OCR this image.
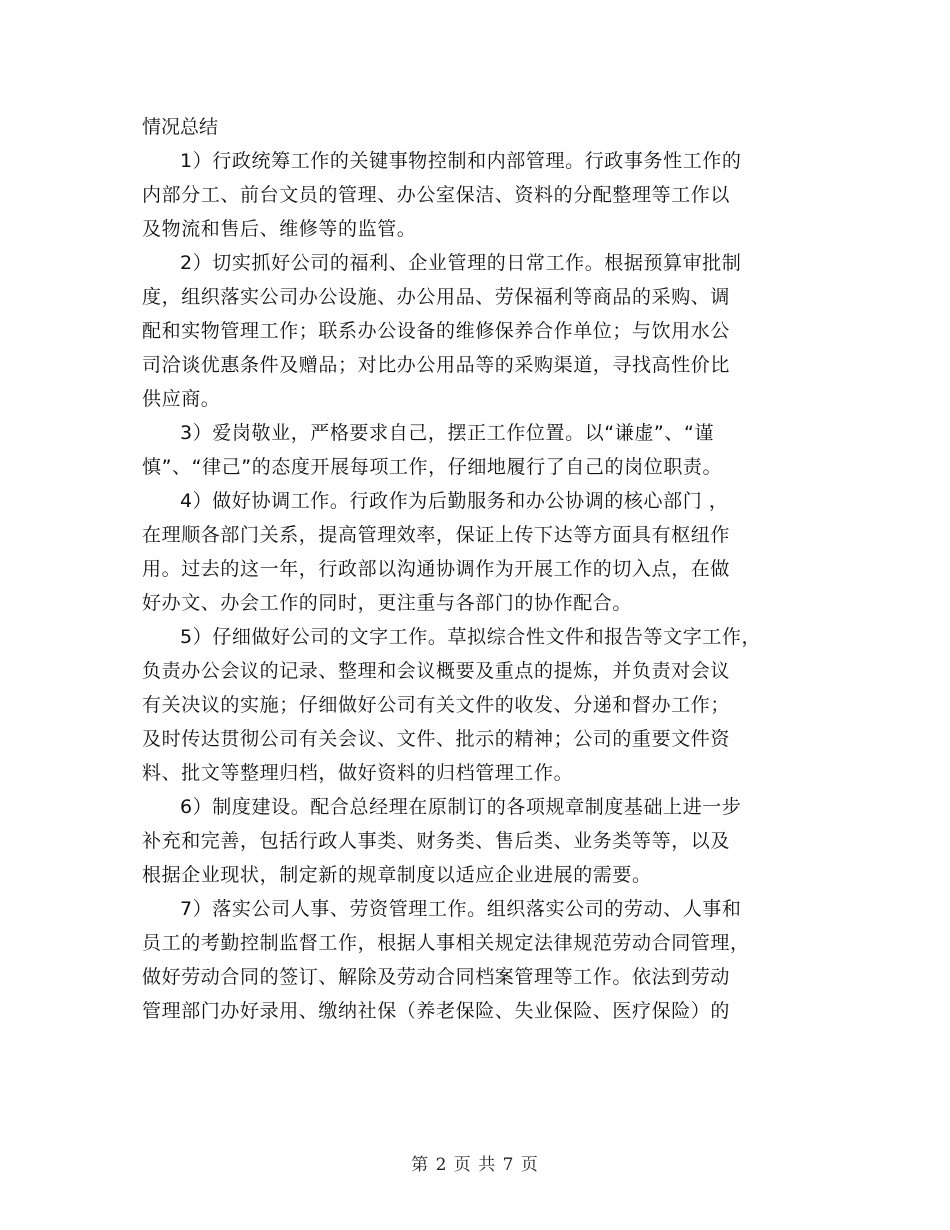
情况总结
1）行政统筹工作的关键事物控制和内部管理。行政事务性工作的
内部分工、前台文员的管理、办公室保洁、资料的分配整理等工作以
及物流和售后、维修等的监管。
2）切实抓好公司的福利、企业管理的日常工作。根据预算审批制
度，组织落实公司办公设施、办公用品、劳保福利等商品的采购、调
配和实物管理工作；联系办公设备的维修保养合作单位；与饮用水公
司洽谈优惠条件及赠品；对比办公用品等的采购渠道，寻找高性价比
供应商。
3）爱岗敬业，严格要求自己，摆正工作位置。以“谦虚”、“谨
慎”、“律己”的态度开展每项工作，仔细地履行了自己的岗位职责。
4）做好协调工作。行政作为后勤服务和办公协调的核心部门 ，
在理顺各部门关系，提高管理效率，保证上传下达等方面具有枢纽作
用。过去的这一年，行政部以沟通协调作为开展工作的切入点，在做
好办文、办会工作的同时，更注重与各部门的协作配合。
5）仔细做好公司的文字工作。草拟综合性文件和报告等文字工作，
负责办公会议的记录、整理和会议概要及重点的提炼，并负责对会议
有关决议的实施；仔细做好公司有关文件的收发、分递和督办工作；
及时传达贯彻公司有关会议、文件、批示的精神；公司的重要文件资
料、批文等整理归档，做好资料的归档管理工作。
6）制度建设。配合总经理在原制订的各项规章制度基础上进一步
补充和完善，包括行政人事类、财务类、售后类、业务类等等，以及
根据企业现状，制定新的规章制度以适应企业进展的需要。
7）落实公司人事、劳资管理工作。组织落实公司的劳动、人事和
员工的考勤控制监督工作，根据人事相关规定法律规范劳动合同管理，
做好劳动合同的签订、解除及劳动合同档案管理等工作。依法到劳动
管理部门办好录用、缴纳社保（养老保险、失业保险、医疗保险）的
第 2 页 共 7 页
